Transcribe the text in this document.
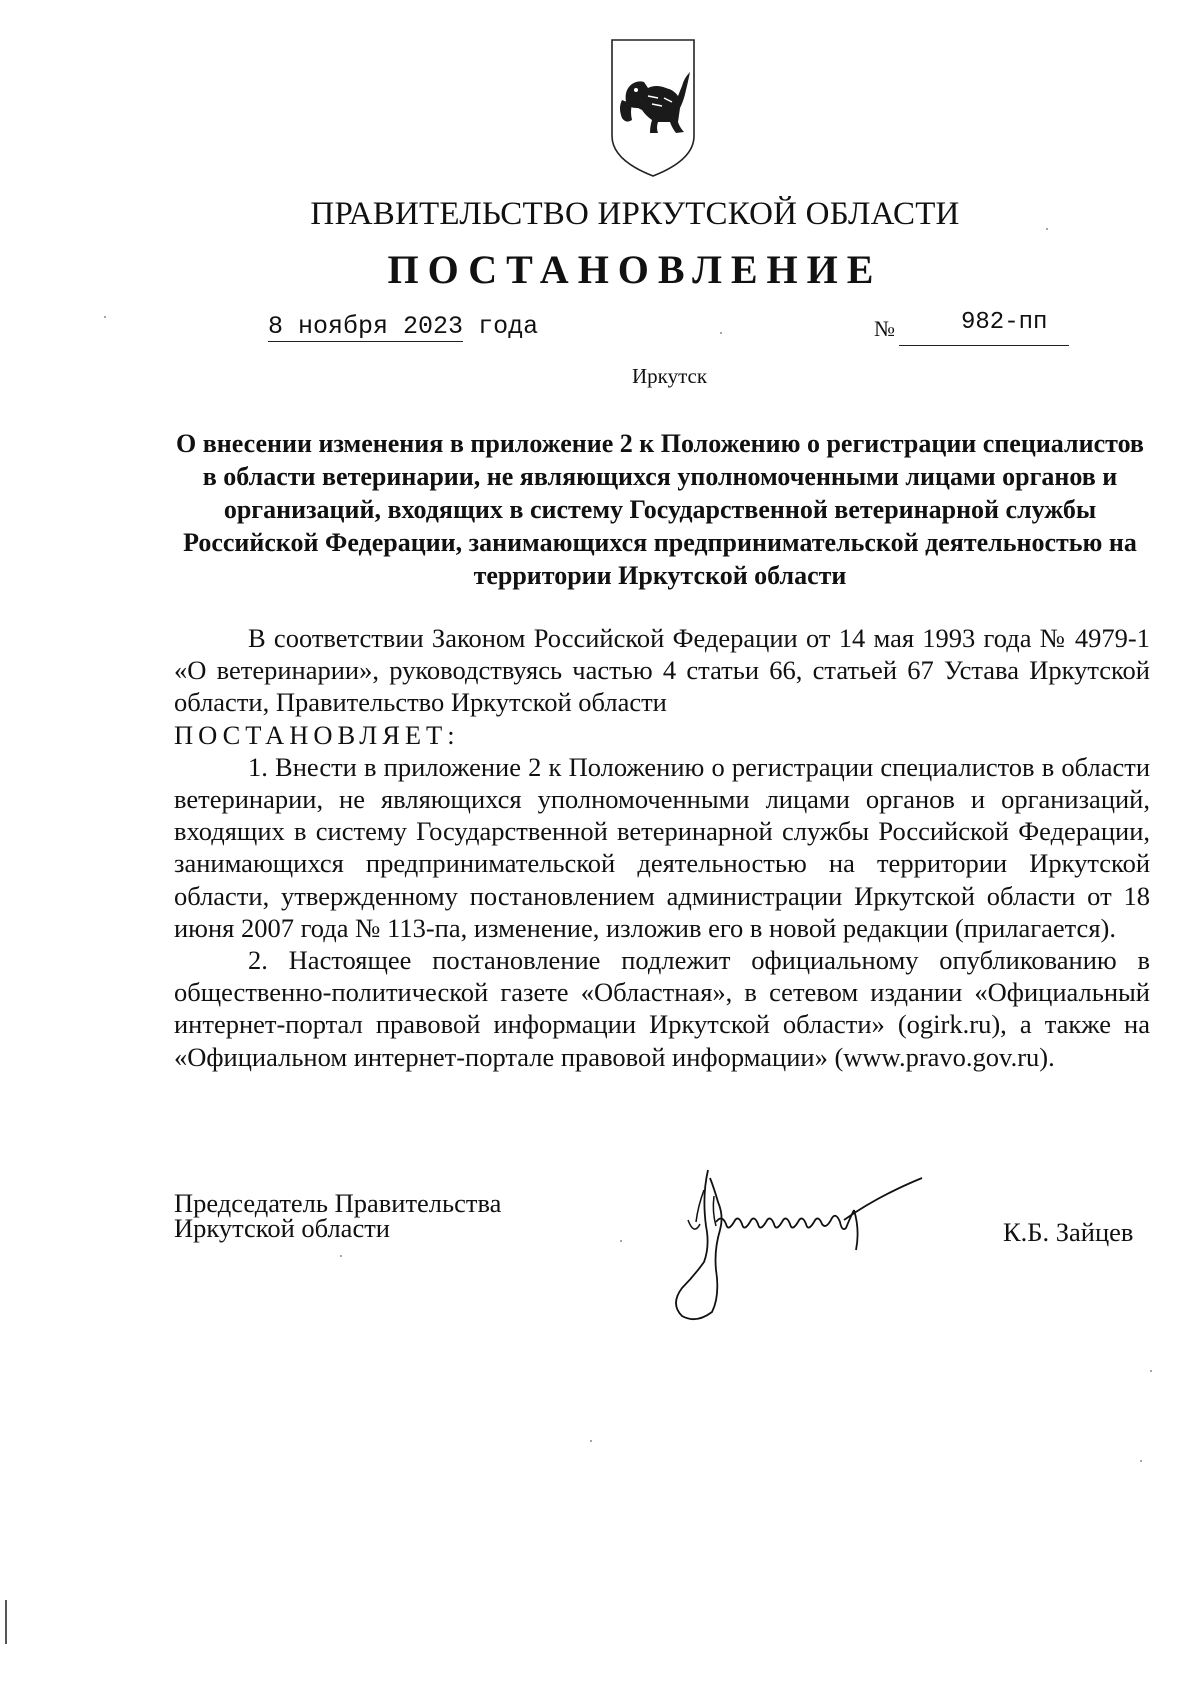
ПРАВИТЕЛЬСТВО ИРКУТСКОЙ ОБЛАСТИ
ПОСТАНОВЛЕНИЕ
8 ноября 2023 года	№	982-пп
Иркутск
О внесении изменения в приложение 2 к Положению о регистрации специалистов в области ветеринарии, не являющихся уполномоченными лицами органов и организаций, входящих в систему Государственной ветеринарной службы Российской Федерации, занимающихся предпринимательской деятельностью на территории Иркутской области

В соответствии Законом Российской Федерации от 14 мая 1993 года № 4979-1 «О ветеринарии», руководствуясь частью 4 статьи 66, статьей 67 Устава Иркутской области, Правительство Иркутской области

ПОСТАНОВЛЯЕТ:

1. Внести в приложение 2 к Положению о регистрации специалистов в области ветеринарии, не являющихся уполномоченными лицами органов и организаций, входящих в систему Государственной ветеринарной службы Российской Федерации, занимающихся предпринимательской деятельностью на территории Иркутской области, утвержденному постановлением администрации Иркутской области от 18 июня 2007 года № 113-па, изменение, изложив его в новой редакции (прилагается).

2. Настоящее постановление подлежит официальному опубликованию в общественно-политической газете «Областная», в сетевом издании «Официальный интернет-портал правовой информации Иркутской области» (ogirk.ru), а также на «Официальном интернет-портале правовой информации» (www.pravo.gov.ru).

Председатель Правительства
Иркутской области	К.Б. Зайцев
